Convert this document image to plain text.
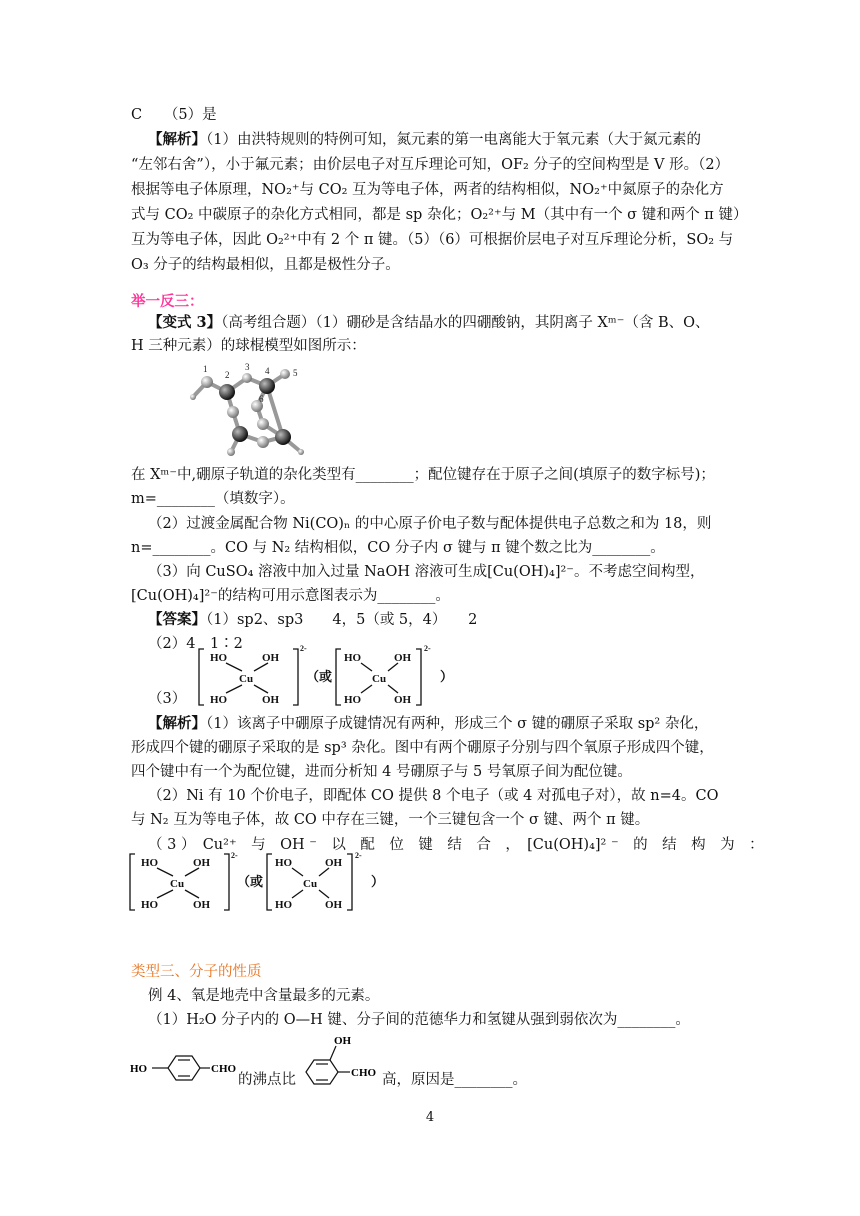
C　　（5）是
【解析】（1）由洪特规则的特例可知，氮元素的第一电离能大于氧元素（大于氮元素的
“左邻右舍”），小于氟元素；由价层电子对互斥理论可知，OF₂ 分子的空间构型是 V 形。（2）
根据等电子体原理，NO₂⁺与 CO₂ 互为等电子体，两者的结构相似，NO₂⁺中氮原子的杂化方
式与 CO₂ 中碳原子的杂化方式相同，都是 sp 杂化；O₂²⁺与 M（其中有一个 σ 键和两个 π 键）
互为等电子体，因此 O₂²⁺中有 2 个 π 键。（5）（6）可根据价层电子对互斥理论分析，SO₂ 与
O₃ 分子的结构最相似，且都是极性分子。
举一反三：
【变式 3】（高考组合题）（1）硼砂是含结晶水的四硼酸钠，其阴离子 Xᵐ⁻（含 B、O、
H 三种元素）的球棍模型如图所示：
1
2
3 4	5
6
在 Xᵐ⁻中,硼原子轨道的杂化类型有________；配位键存在于原子之间(填原子的数字标号)；
m=________（填数字）。
（2）过渡金属配合物 Ni(CO)ₙ 的中心原子价电子数与配体提供电子总数之和为 18，则
n=________。CO 与 N₂ 结构相似，CO 分子内 σ 键与 π 键个数之比为________。
（3）向 CuSO₄ 溶液中加入过量 NaOH 溶液可生成[Cu(OH)₄]²⁻。不考虑空间构型，
[Cu(OH)₄]²⁻的结构可用示意图表示为________。
【答案】（1）sp2、sp3　　4，5（或 5，4）　　2
（2）4　1∶2
（3）
HO	OH
Cu
HO	OH
2-
（或
HO	OH
Cu
HO	OH
2-
）
【解析】（1）该离子中硼原子成键情况有两种，形成三个 σ 键的硼原子采取 sp² 杂化，
形成四个键的硼原子采取的是 sp³ 杂化。图中有两个硼原子分别与四个氧原子形成四个键，
四个键中有一个为配位键，进而分析知 4 号硼原子与 5 号氧原子间为配位键。
（2）Ni 有 10 个价电子，即配体 CO 提供 8 个电子（或 4 对孤电子对），故 n=4。CO
与 N₂ 互为等电子体，故 CO 中存在三键，一个三键包含一个 σ 键、两个 π 键。
（ 3 ）　Cu²⁺　与　OH ⁻　以　配　位　键　结　合　，　[Cu(OH)₄]² ⁻　的　结　构　为　：
HO	OH
Cu
HO	OH
2-
（或
HO	OH
Cu
HO	OH
2-
）
类型三、分子的性质
例 4、氧是地壳中含量最多的元素。
（1）H₂O 分子内的 O—H 键、分子间的范德华力和氢键从强到弱依次为________。
HO	CHO
的沸点比
OH
CHO 高，原因是________。
4
